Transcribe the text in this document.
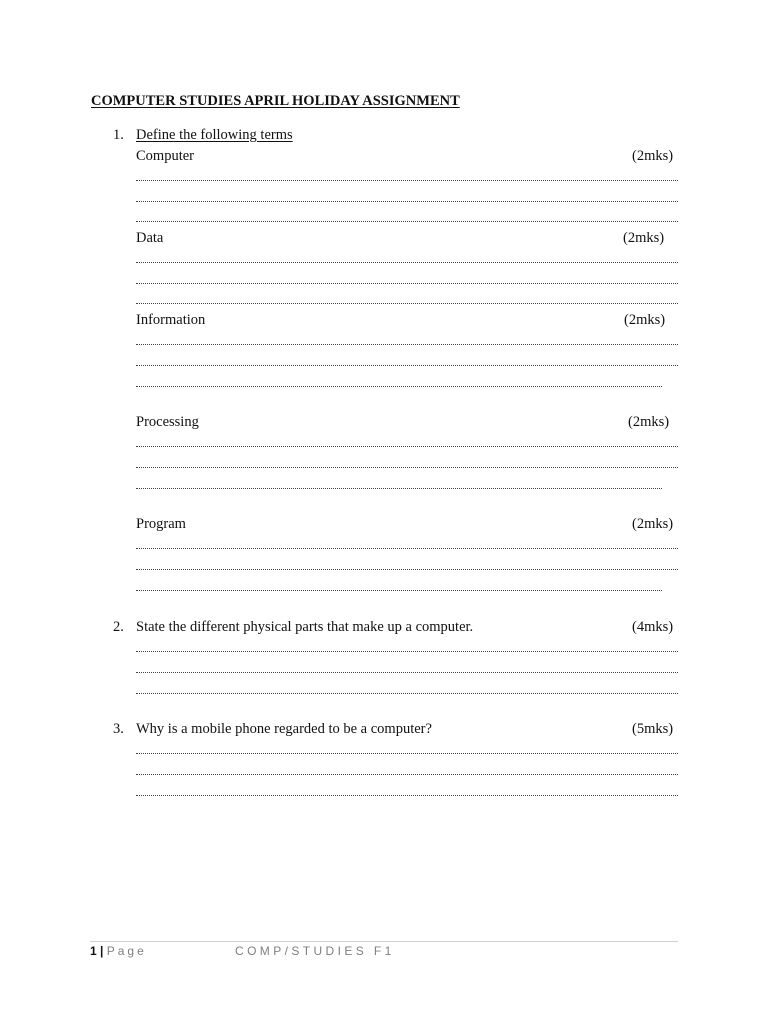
COMPUTER STUDIES APRIL HOLIDAY ASSIGNMENT
1. Define the following terms
Computer	(2mks)
Data	(2mks)
Information	(2mks)
Processing	(2mks)
Program	(2mks)
2. State the different physical parts that make up a computer.	(4mks)
3. Why is a mobile phone regarded to be a computer?	(5mks)
1 | Page	COMP/STUDIES F1
